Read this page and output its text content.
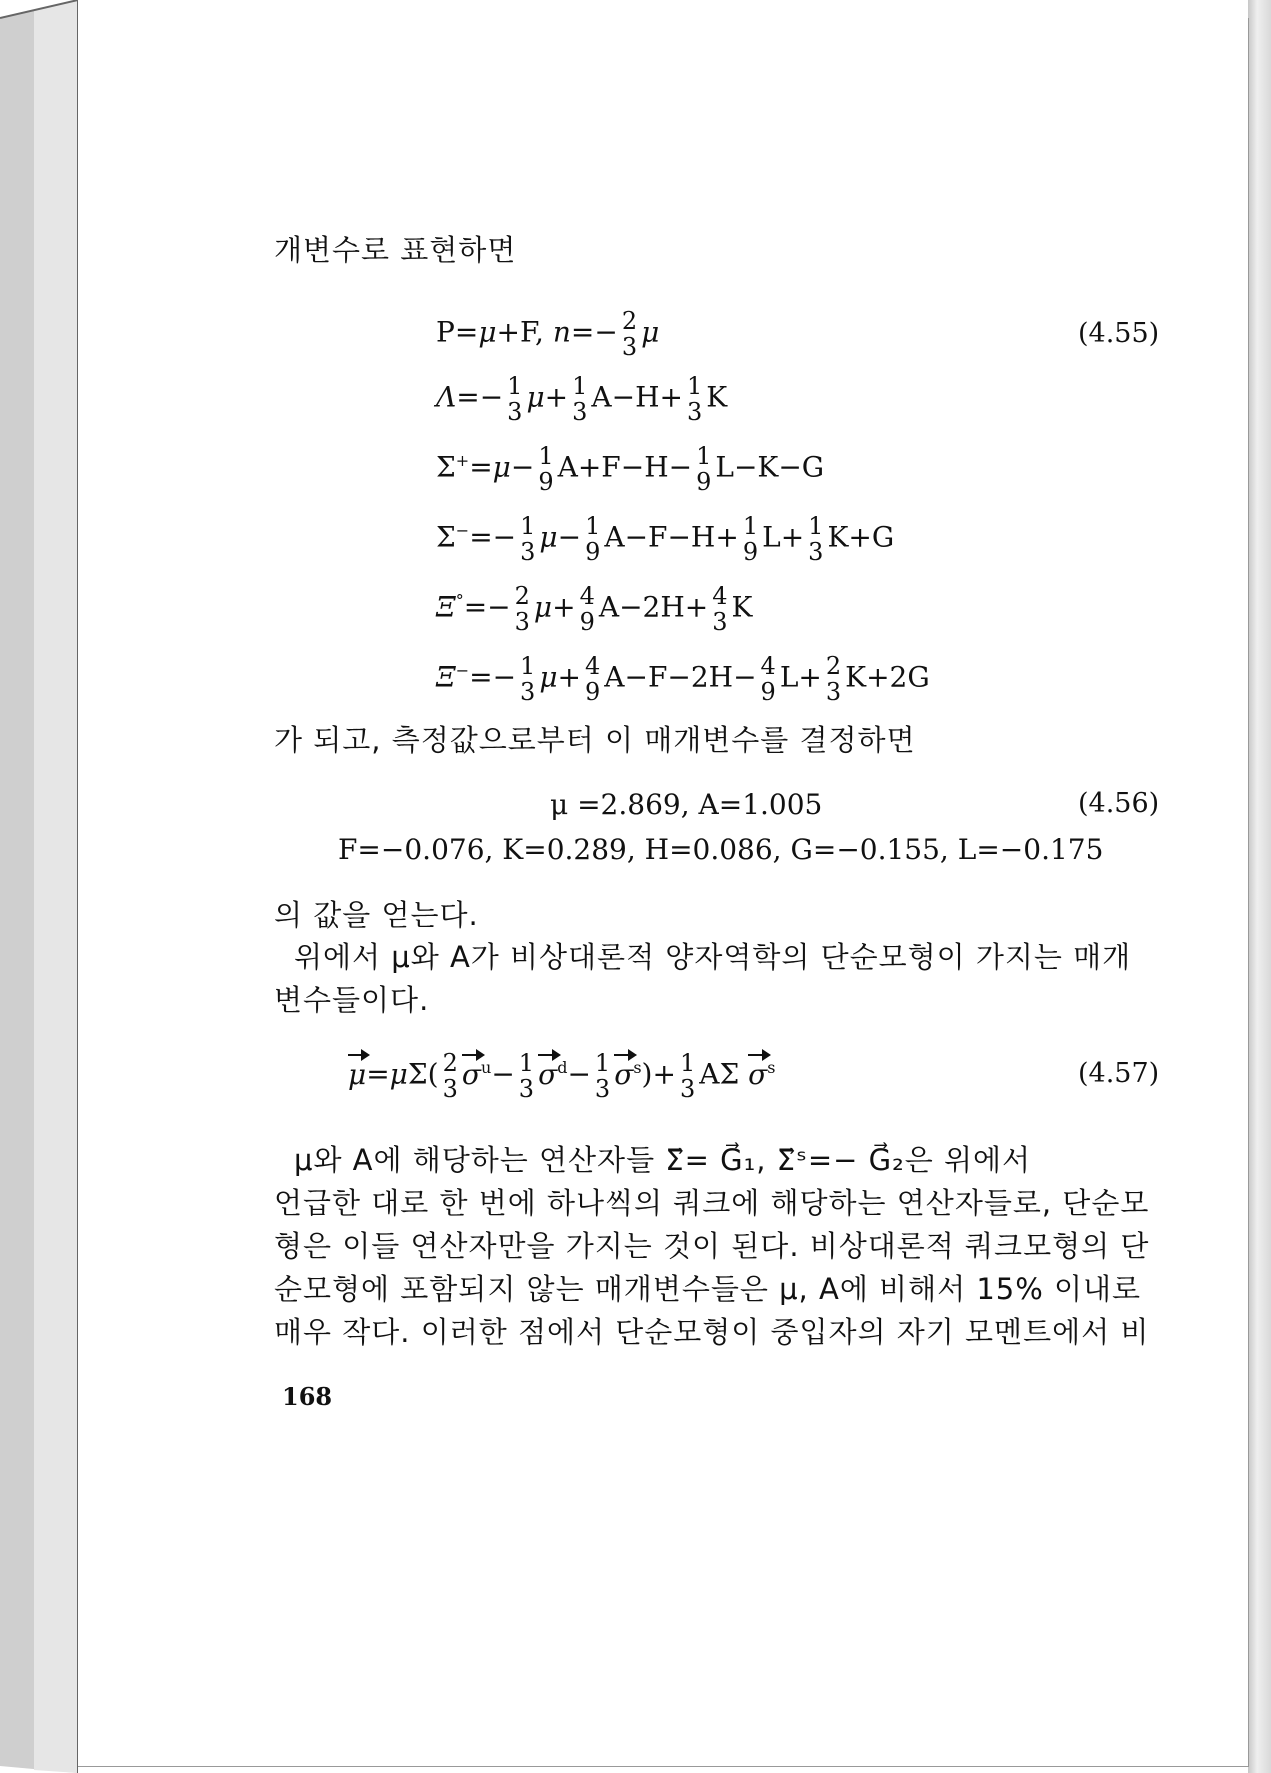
개변수로 표현하면
P=μ+F, n=− 2
3 μ	(4.55)
Λ=− 1
3 μ+ 1
3 A−H+ 1
3 K
Σ+=μ− 1
9 A+F−H− 1
9 L−K−G
Σ−=− 1
3 μ− 1
9 A−F−H+ 1
9 L+ 1
3 K+G
Ξ°=− 2
3 μ+ 4
9 A−2H+ 4
3 K
Ξ−=− 1
3 μ+ 4
9 A−F−2H− 4
9 L+ 2
3 K+2G
가 되고, 측정값으로부터 이 매개변수를 결정하면
μ =2.869, A=1.005	(4.56)
F=−0.076, K=0.289, H=0.086, G=−0.155, L=−0.175
의 값을 얻는다.
위에서 μ와 A가 비상대론적 양자역학의 단순모형이 가지는 매개
변수들이다.
μ=μΣ( 2
3 $\sigma^u- 1$
3 $\sigma^d- 1$
3 $\sigma^s)+ 1$
3 AΣ $\sigma^s$	(4.57)
μ와 A에 해당하는 연산자들 Σ⃗= G⃗₁, Σ⃗ˢ=− G⃗₂은 위에서
언급한 대로 한 번에 하나씩의 쿼크에 해당하는 연산자들로, 단순모
형은 이들 연산자만을 가지는 것이 된다. 비상대론적 쿼크모형의 단
순모형에 포함되지 않는 매개변수들은 μ, A에 비해서 15% 이내로
매우 작다. 이러한 점에서 단순모형이 중입자의 자기 모멘트에서 비
168
